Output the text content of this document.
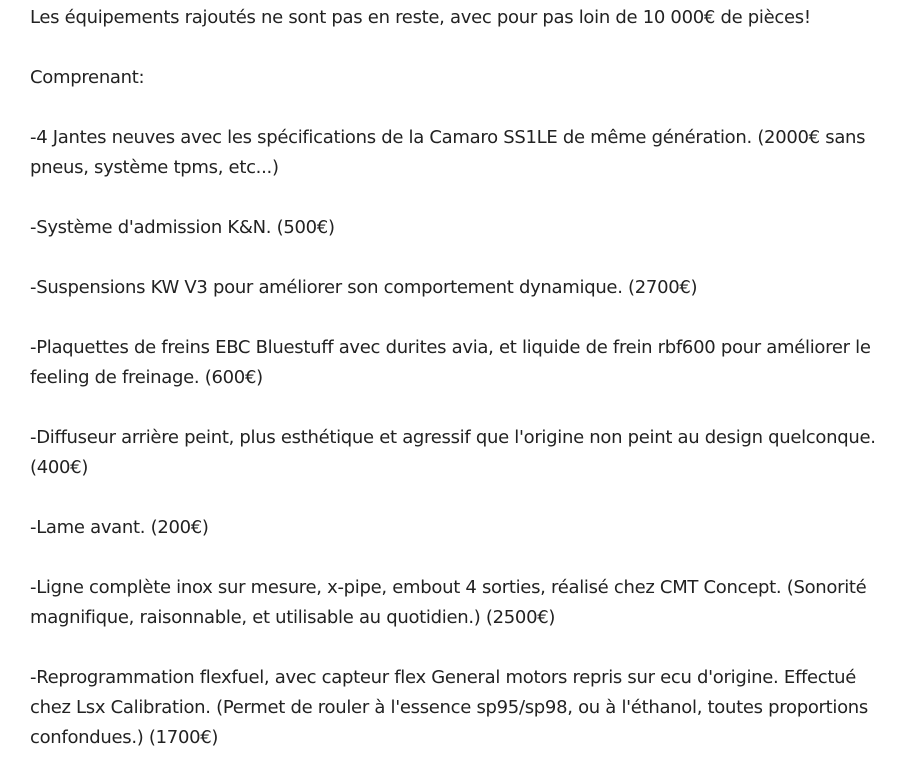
Les équipements rajoutés ne sont pas en reste, avec pour pas loin de 10 000€ de pièces!

Comprenant:

-4 Jantes neuves avec les spécifications de la Camaro SS1LE de même génération. (2000€ sans pneus, système tpms, etc...)

-Système d'admission K&N. (500€)

-Suspensions KW V3 pour améliorer son comportement dynamique. (2700€)

-Plaquettes de freins EBC Bluestuff avec durites avia, et liquide de frein rbf600 pour améliorer le feeling de freinage. (600€)

-Diffuseur arrière peint, plus esthétique et agressif que l'origine non peint au design quelconque. (400€)

-Lame avant. (200€)

-Ligne complète inox sur mesure, x-pipe, embout 4 sorties, réalisé chez CMT Concept. (Sonorité magnifique, raisonnable, et utilisable au quotidien.) (2500€)

-Reprogrammation flexfuel, avec capteur flex General motors repris sur ecu d'origine. Effectué chez Lsx Calibration. (Permet de rouler à l'essence sp95/sp98, ou à l'éthanol, toutes proportions confondues.) (1700€)
